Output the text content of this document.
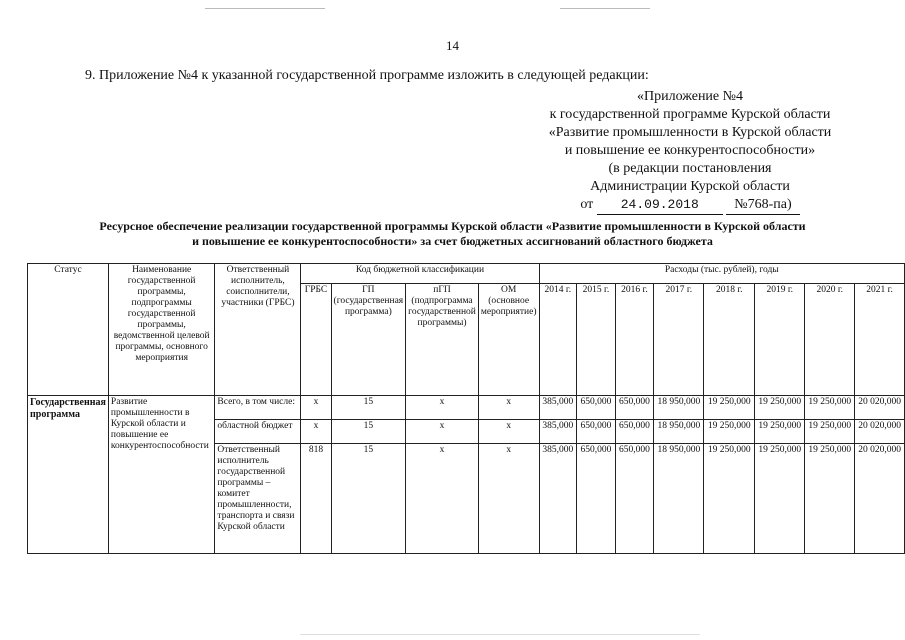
14
9. Приложение №4 к указанной государственной программе изложить в следующей редакции:
«Приложение №4
к государственной программе Курской области
«Развитие промышленности в Курской области
и повышение ее конкурентоспособности»
(в редакции постановления
Администрации Курской области
от 24.09.2018	№768-па)
Ресурсное обеспечение реализации государственной программы Курской области «Развитие промышленности в Курской области
и повышение ее конкурентоспособности» за счет бюджетных ассигнований областного бюджета
Статус	Наименование государственной программы, подпрограммы государственной программы, ведомственной целевой программы, основного мероприятия	Ответственный исполнитель, соисполнители, участники (ГРБС)	Код бюджетной классификации				Расходы (тыс. рублей), годы							
			ГРБС	ГП (государственная программа)	пГП (подпрограмма государственной программы)	ОМ (основное мероприятие)	2014 г.	2015 г.	2016 г.	2017 г.	2018 г.	2019 г.	2020 г.	2021 г.
Государственная программа	Развитие промышленности в Курской области и повышение ее конкурентоспособности	Всего, в том числе:	x	15	x	x	385,000	650,000	650,000	18 950,000	19 250,000	19 250,000	19 250,000	20 020,000
		областной бюджет	x	15	x	x	385,000	650,000	650,000	18 950,000	19 250,000	19 250,000	19 250,000	20 020,000
		Ответственный исполнитель государственной программы – комитет промышленности, транспорта и связи Курской области	818	15	x	x	385,000	650,000	650,000	18 950,000	19 250,000	19 250,000	19 250,000	20 020,000
